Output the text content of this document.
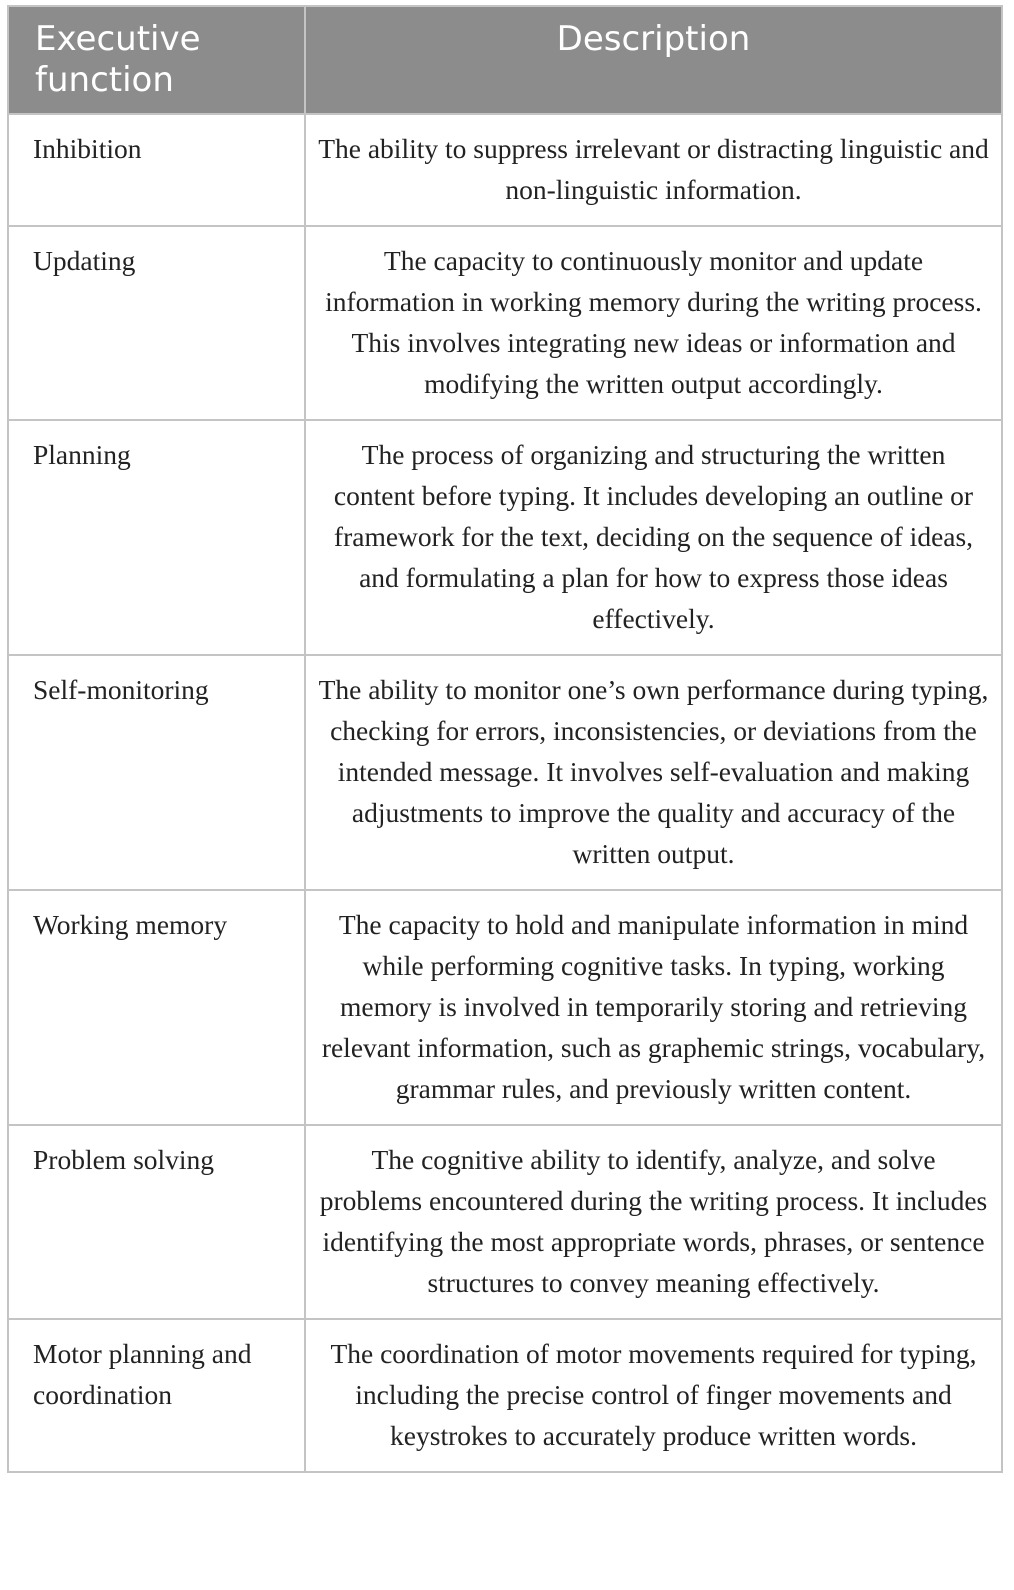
Executive function	Description
Inhibition	The ability to suppress irrelevant or distracting linguistic and non-linguistic information.
Updating	The capacity to continuously monitor and update information in working memory during the writing process. This involves integrating new ideas or information and modifying the written output accordingly.
Planning	The process of organizing and structuring the written content before typing. It includes developing an outline or framework for the text, deciding on the sequence of ideas, and formulating a plan for how to express those ideas effectively.
Self-monitoring	The ability to monitor one’s own performance during typing, checking for errors, inconsistencies, or deviations from the intended message. It involves self-evaluation and making adjustments to improve the quality and accuracy of the written output.
Working memory	The capacity to hold and manipulate information in mind while performing cognitive tasks. In typing, working memory is involved in temporarily storing and retrieving relevant information, such as graphemic strings, vocabulary, grammar rules, and previously written content.
Problem solving	The cognitive ability to identify, analyze, and solve problems encountered during the writing process. It includes identifying the most appropriate words, phrases, or sentence structures to convey meaning effectively.
Motor planning and coordination	The coordination of motor movements required for typing, including the precise control of finger movements and keystrokes to accurately produce written words.
